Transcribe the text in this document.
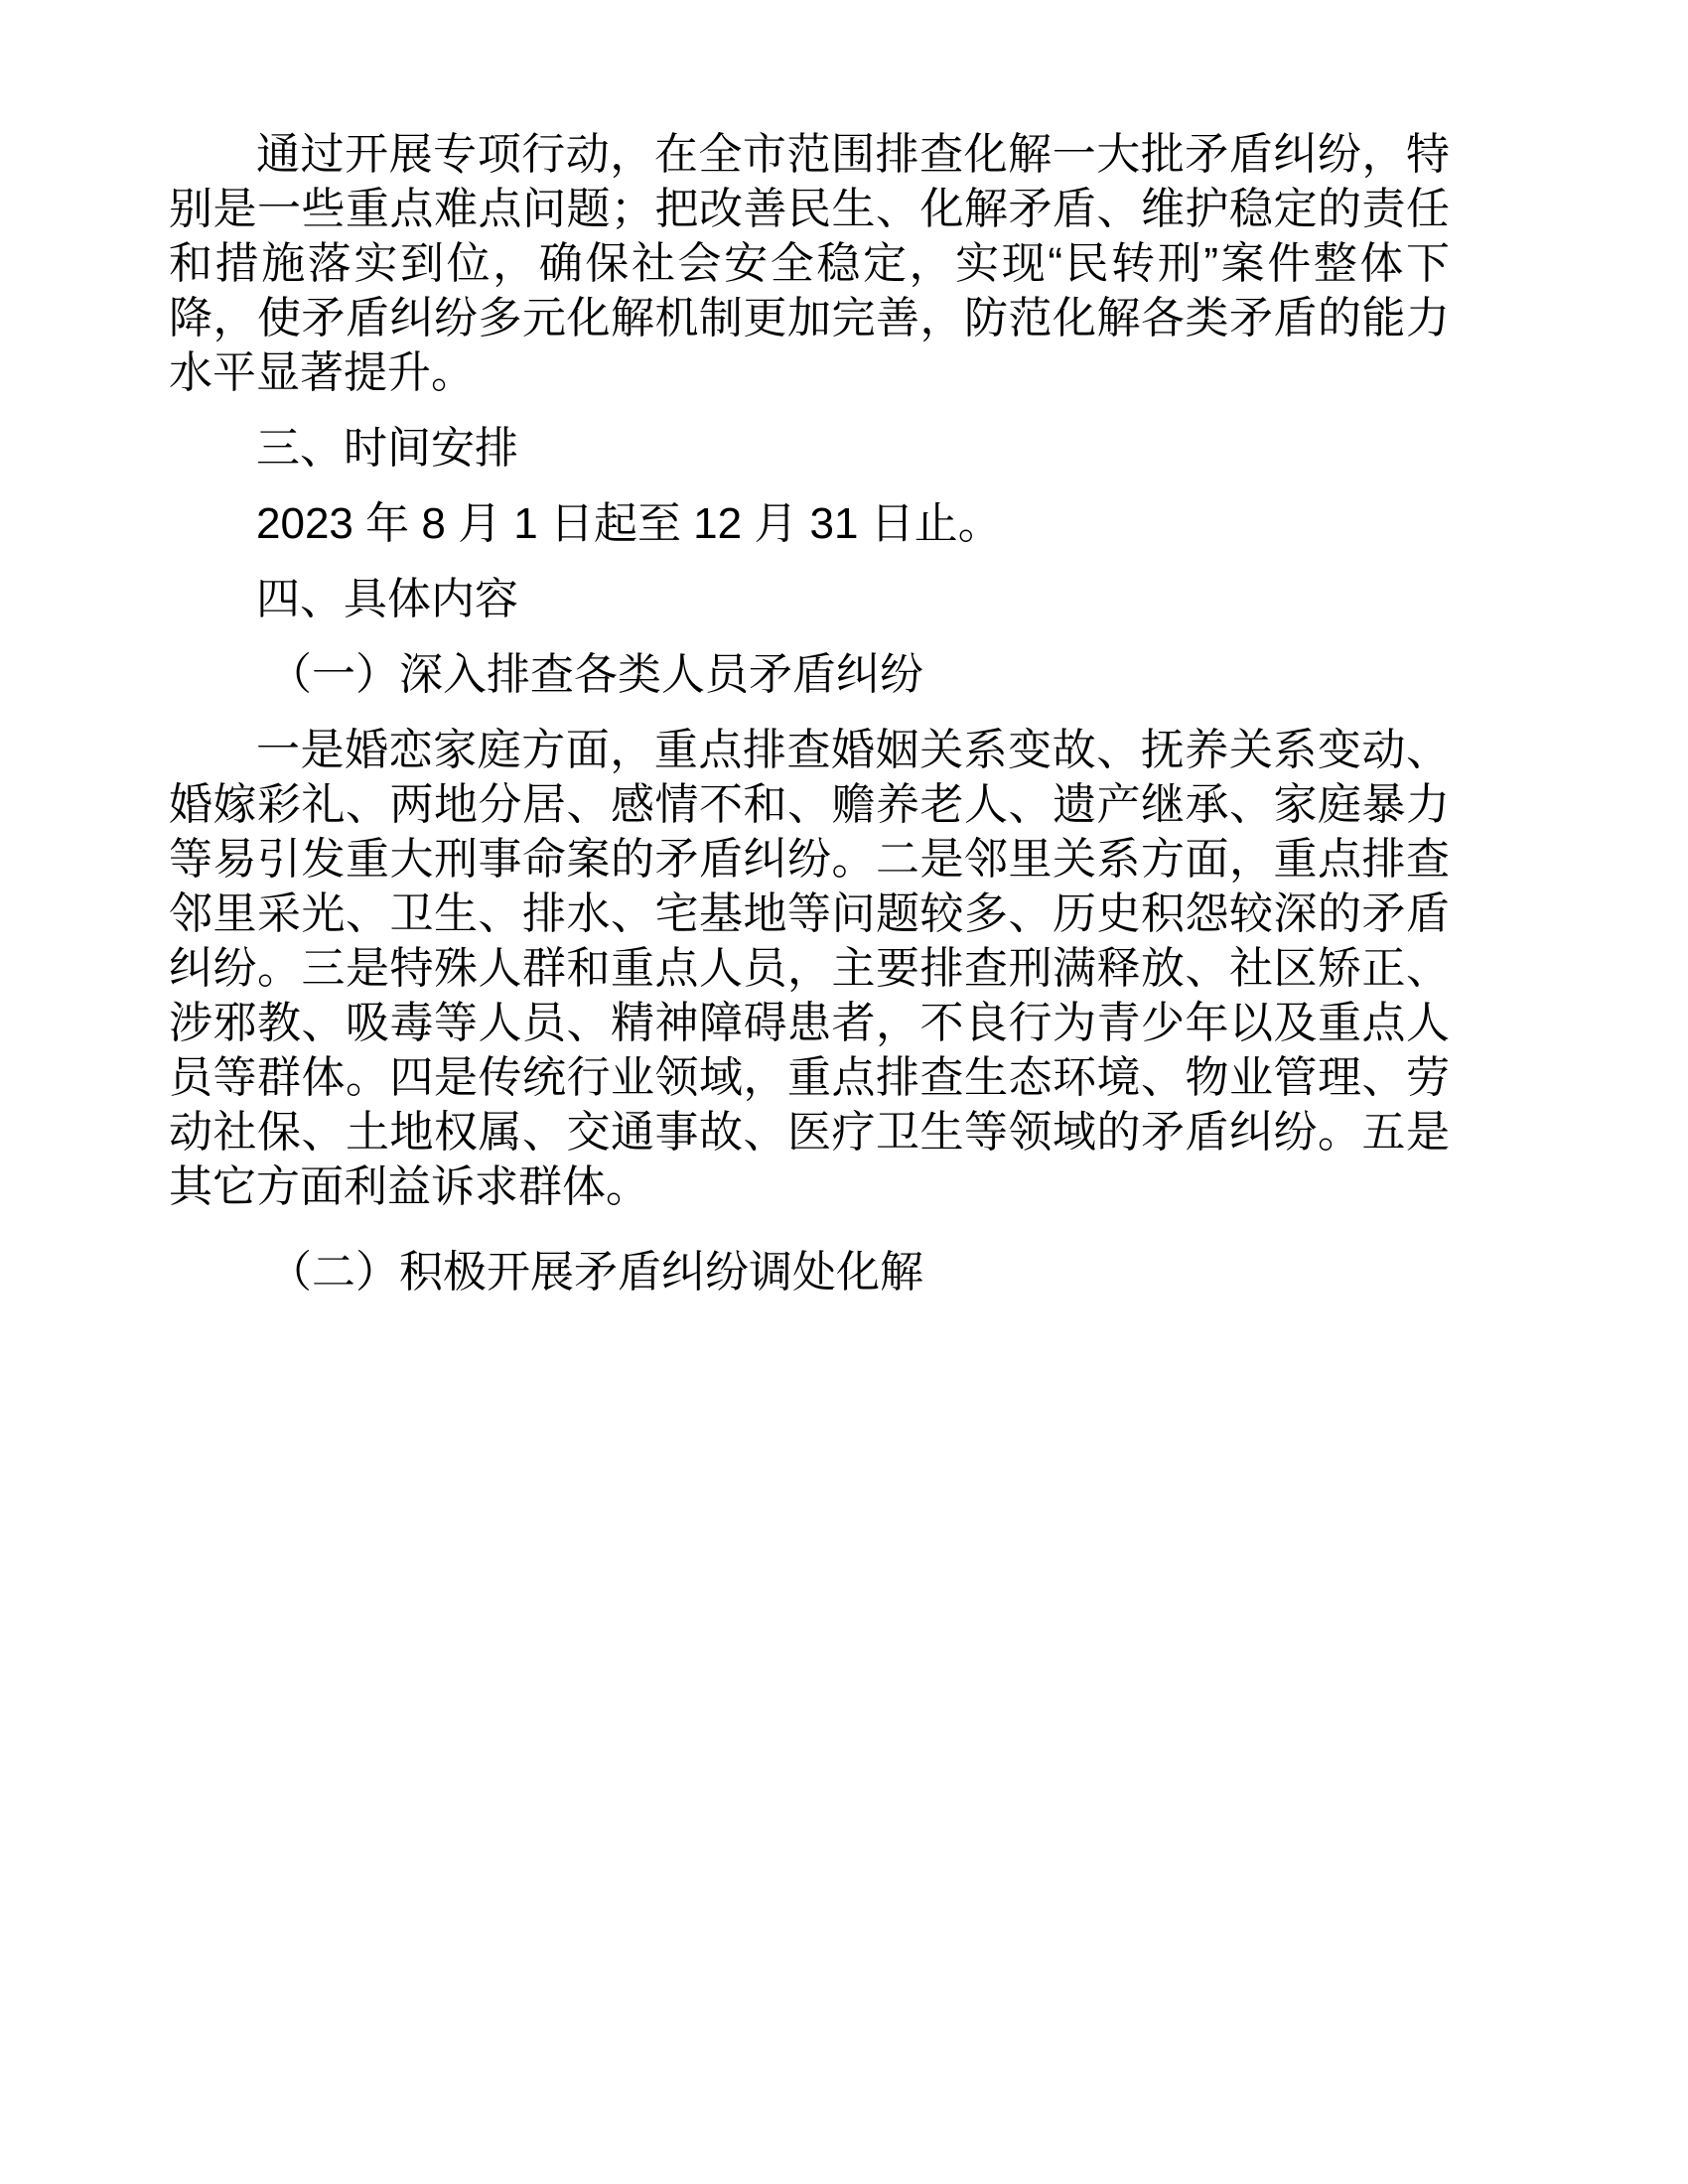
通过开展专项行动，在全市范围排查化解一大批矛盾纠纷，特别是一些重点难点问题；把改善民生、化解矛盾、维护稳定的责任和措施落实到位，确保社会安全稳定，实现“民转刑”案件整体下降，使矛盾纠纷多元化解机制更加完善，防范化解各类矛盾的能力水平显著提升。

三、时间安排

2023 年 8 月 1 日起至 12 月 31 日止。

四、具体内容

（一）深入排查各类人员矛盾纠纷

一是婚恋家庭方面，重点排查婚姻关系变故、抚养关系变动、婚嫁彩礼、两地分居、感情不和、赡养老人、遗产继承、家庭暴力等易引发重大刑事命案的矛盾纠纷。二是邻里关系方面，重点排查邻里采光、卫生、排水、宅基地等问题较多、历史积怨较深的矛盾纠纷。三是特殊人群和重点人员，主要排查刑满释放、社区矫正、涉邪教、吸毒等人员、精神障碍患者，不良行为青少年以及重点人员等群体。四是传统行业领域，重点排查生态环境、物业管理、劳动社保、土地权属、交通事故、医疗卫生等领域的矛盾纠纷。五是其它方面利益诉求群体。

（二）积极开展矛盾纠纷调处化解
